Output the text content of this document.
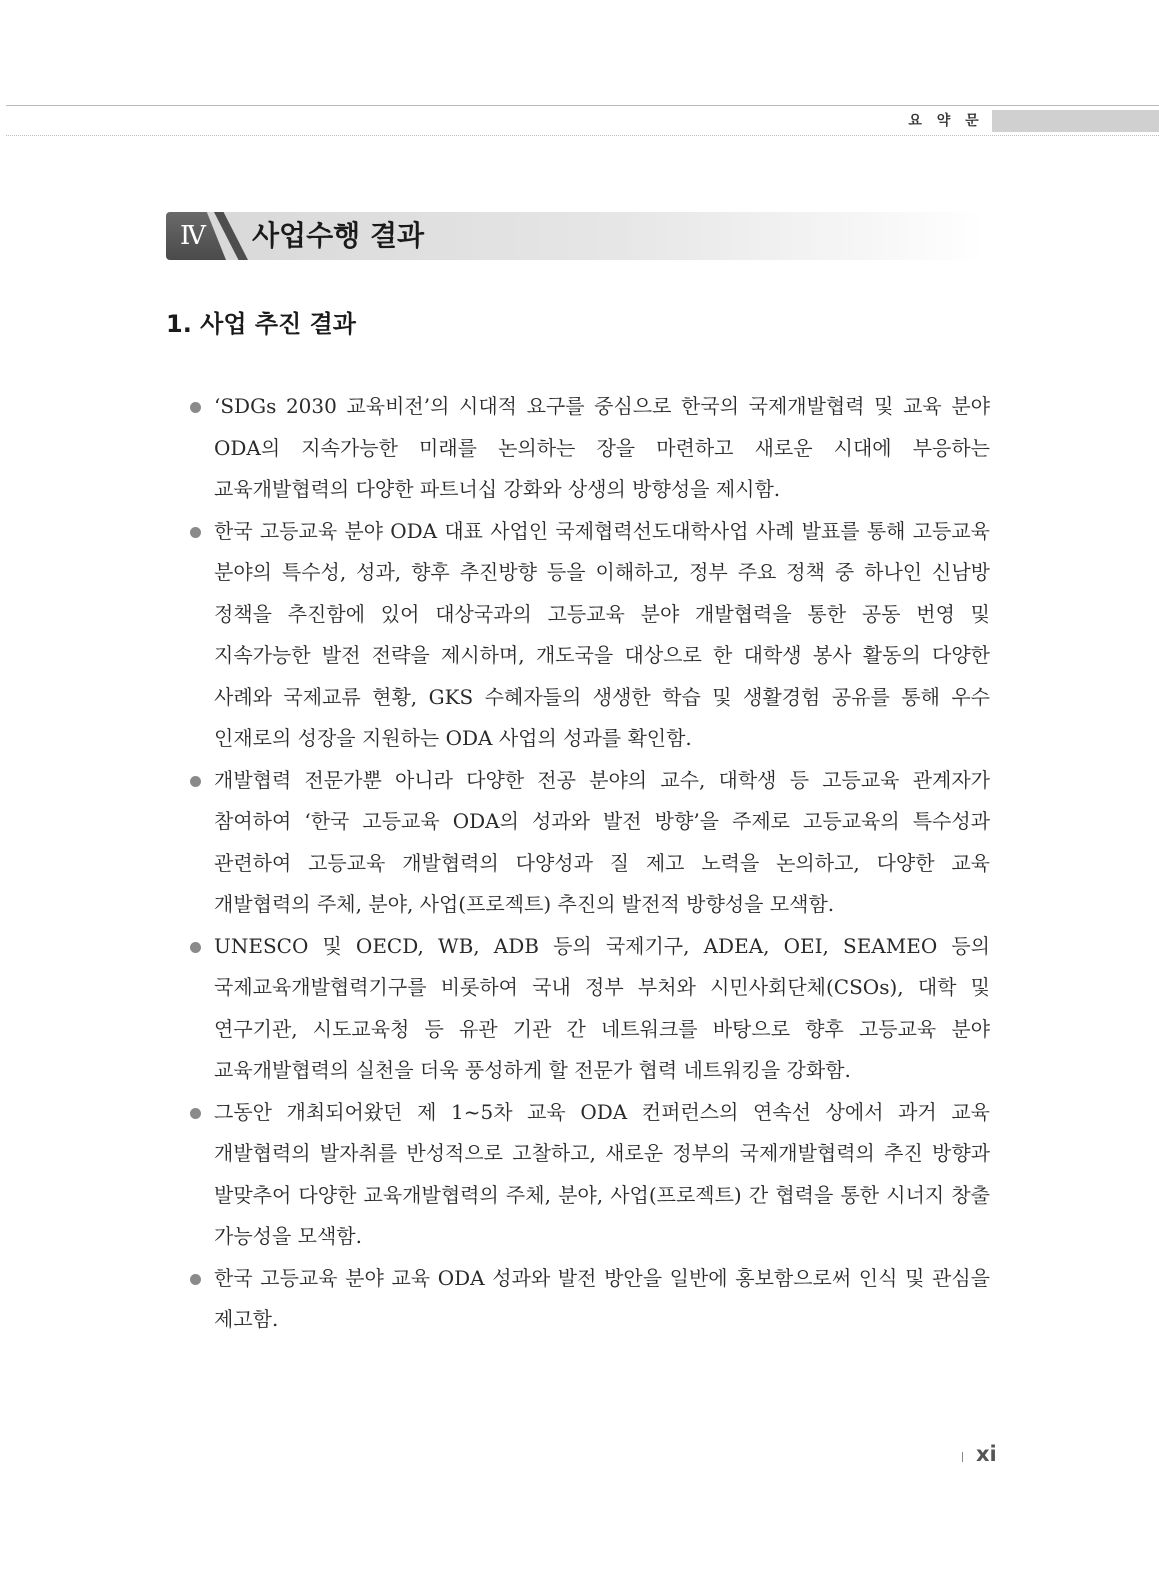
요 약 문
Ⅳ 사업수행 결과
1. 사업 추진 결과
‘SDGs 2030 교육비전’의 시대적 요구를 중심으로 한국의 국제개발협력 및 교육 분야 ODA의 지속가능한 미래를 논의하는 장을 마련하고 새로운 시대에 부응하는 교육개발협력의 다양한 파트너십 강화와 상생의 방향성을 제시함.
한국 고등교육 분야 ODA 대표 사업인 국제협력선도대학사업 사례 발표를 통해 고등교육 분야의 특수성, 성과, 향후 추진방향 등을 이해하고, 정부 주요 정책 중 하나인 신남방 정책을 추진함에 있어 대상국과의 고등교육 분야 개발협력을 통한 공동 번영 및 지속가능한 발전 전략을 제시하며, 개도국을 대상으로 한 대학생 봉사 활동의 다양한 사례와 국제교류 현황, GKS 수혜자들의 생생한 학습 및 생활경험 공유를 통해 우수 인재로의 성장을 지원하는 ODA 사업의 성과를 확인함.
개발협력 전문가뿐 아니라 다양한 전공 분야의 교수, 대학생 등 고등교육 관계자가 참여하여 ‘한국 고등교육 ODA의 성과와 발전 방향’을 주제로 고등교육의 특수성과 관련하여 고등교육 개발협력의 다양성과 질 제고 노력을 논의하고, 다양한 교육 개발협력의 주체, 분야, 사업(프로젝트) 추진의 발전적 방향성을 모색함.
UNESCO 및 OECD, WB, ADB 등의 국제기구, ADEA, OEI, SEAMEO 등의 국제교육개발협력기구를 비롯하여 국내 정부 부처와 시민사회단체(CSOs), 대학 및 연구기관, 시도교육청 등 유관 기관 간 네트워크를 바탕으로 향후 고등교육 분야 교육개발협력의 실천을 더욱 풍성하게 할 전문가 협력 네트워킹을 강화함.
그동안 개최되어왔던 제 1~5차 교육 ODA 컨퍼런스의 연속선 상에서 과거 교육 개발협력의 발자취를 반성적으로 고찰하고, 새로운 정부의 국제개발협력의 추진 방향과 발맞추어 다양한 교육개발협력의 주체, 분야, 사업(프로젝트) 간 협력을 통한 시너지 창출 가능성을 모색함.
한국 고등교육 분야 교육 ODA 성과와 발전 방안을 일반에 홍보함으로써 인식 및 관심을 제고함.
xi
